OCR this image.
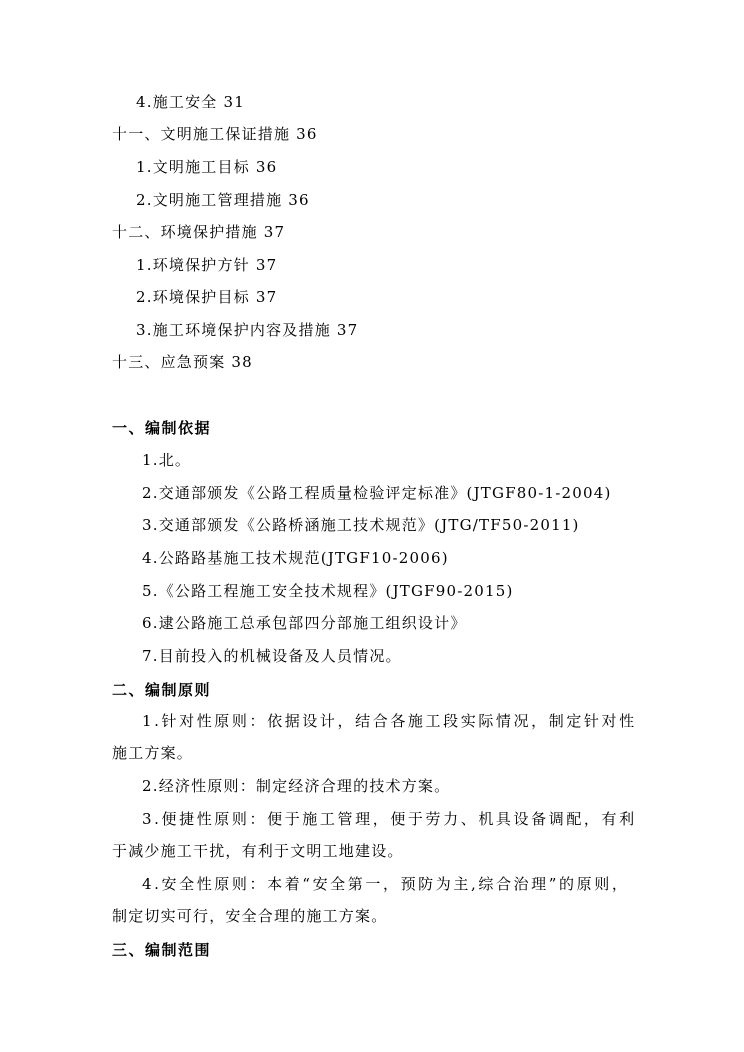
4.施工安全 31
十一、文明施工保证措施 36
1.文明施工目标 36
2.文明施工管理措施 36
十二、环境保护措施 37
1.环境保护方针 37
2.环境保护目标 37
3.施工环境保护内容及措施 37
十三、应急预案 38
一、编制依据
1.北。
2.交通部颁发《公路工程质量检验评定标准》(JTGF80-1-2004)
3.交通部颁发《公路桥涵施工技术规范》(JTG/TF50-2011)
4.公路路基施工技术规范(JTGF10-2006)
5.《公路工程施工安全技术规程》(JTGF90-2015)
6.逮公路施工总承包部四分部施工组织设计》
7.目前投入的机械设备及人员情况。
二、编制原则
1.针对性原则：依据设计，结合各施工段实际情况，制定针对性
施工方案。
2.经济性原则：制定经济合理的技术方案。
3.便捷性原则：便于施工管理，便于劳力、机具设备调配，有利
于减少施工干扰，有利于文明工地建设。
4.安全性原则：本着“安全第一，预防为主,综合治理”的原则，
制定切实可行，安全合理的施工方案。
三、编制范围
